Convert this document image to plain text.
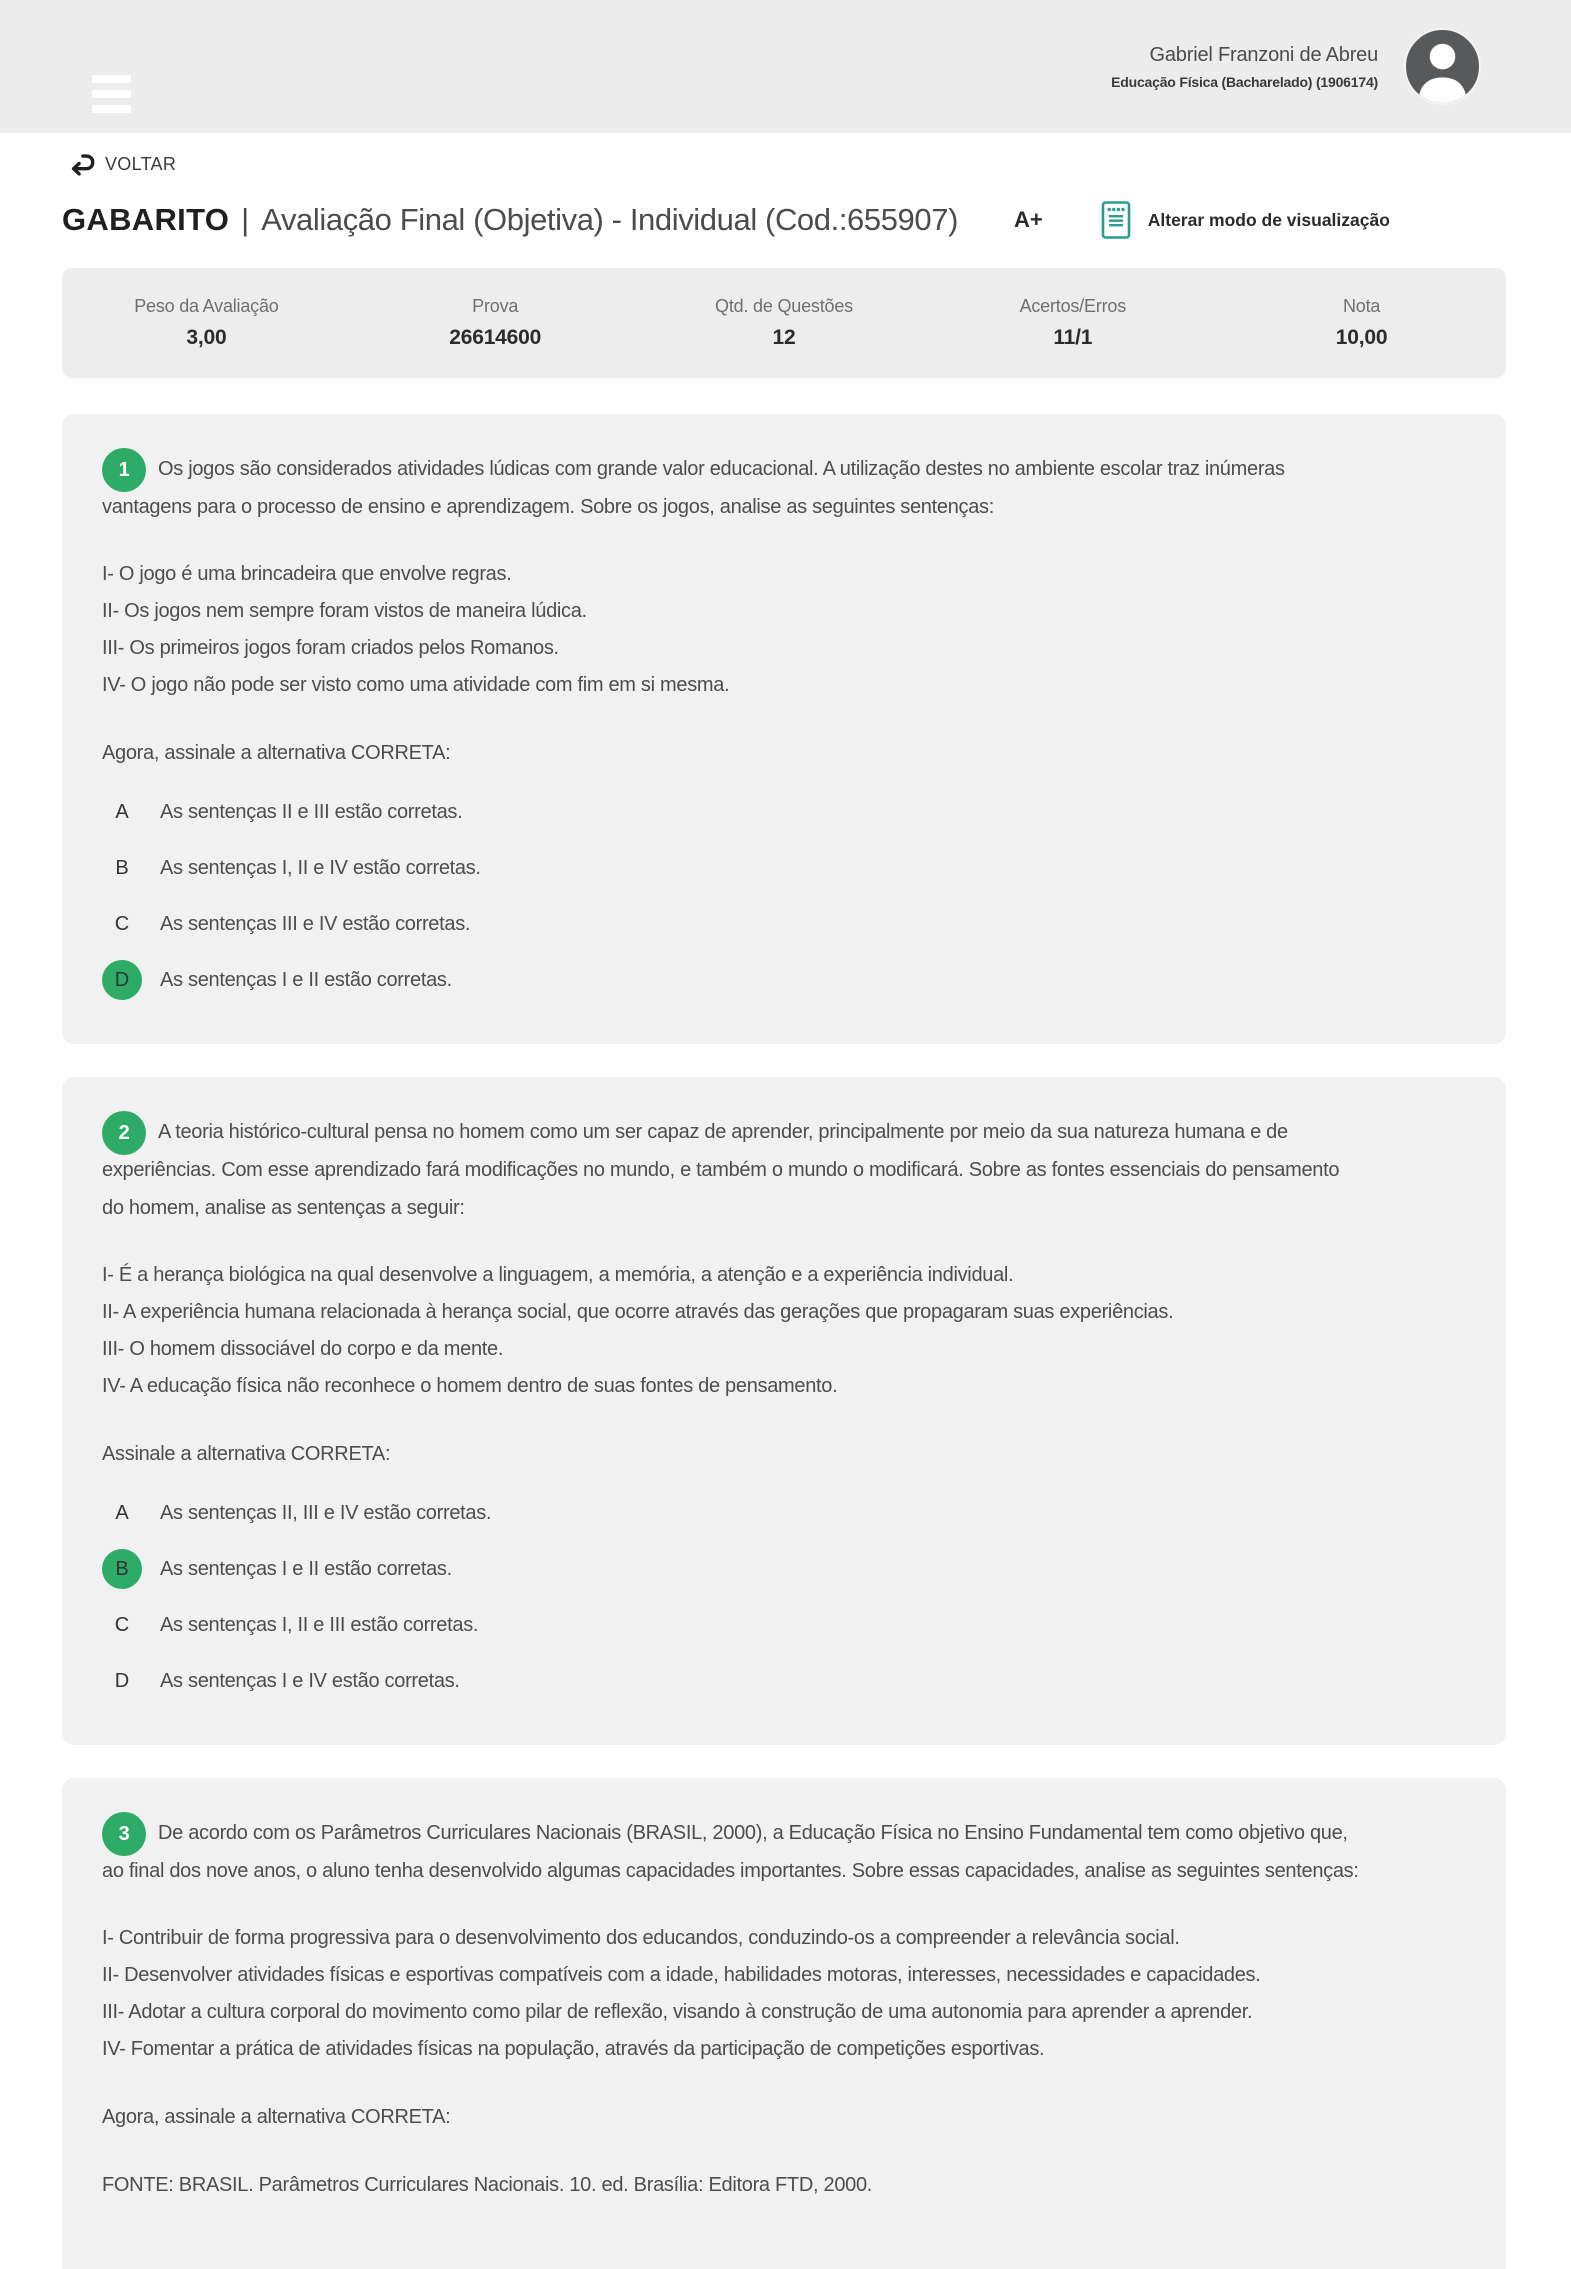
Gabriel Franzoni de Abreu
Educação Física (Bacharelado) (1906174)
VOLTAR
GABARITO | Avaliação Final (Objetiva) - Individual (Cod.:655907)	A+	Alterar modo de visualização
Peso da Avaliação
3,00
Prova
26614600
Qtd. de Questões
12
Acertos/Erros
11/1
Nota
10,00

1	Os jogos são considerados atividades lúdicas com grande valor educacional. A utilização destes no ambiente escolar traz inúmeras vantagens para o processo de ensino e aprendizagem. Sobre os jogos, analise as seguintes sentenças:

I- O jogo é uma brincadeira que envolve regras.
II- Os jogos nem sempre foram vistos de maneira lúdica.
III- Os primeiros jogos foram criados pelos Romanos.
IV- O jogo não pode ser visto como uma atividade com fim em si mesma.

Agora, assinale a alternativa CORRETA:

A	As sentenças II e III estão corretas.
B	As sentenças I, II e IV estão corretas.
C	As sentenças III e IV estão corretas.
D	As sentenças I e II estão corretas.

2	A teoria histórico-cultural pensa no homem como um ser capaz de aprender, principalmente por meio da sua natureza humana e de experiências. Com esse aprendizado fará modificações no mundo, e também o mundo o modificará. Sobre as fontes essenciais do pensamento do homem, analise as sentenças a seguir:

I- É a herança biológica na qual desenvolve a linguagem, a memória, a atenção e a experiência individual.
II- A experiência humana relacionada à herança social, que ocorre através das gerações que propagaram suas experiências.
III- O homem dissociável do corpo e da mente.
IV- A educação física não reconhece o homem dentro de suas fontes de pensamento.

Assinale a alternativa CORRETA:

A	As sentenças II, III e IV estão corretas.
B	As sentenças I e II estão corretas.
C	As sentenças I, II e III estão corretas.
D	As sentenças I e IV estão corretas.

3	De acordo com os Parâmetros Curriculares Nacionais (BRASIL, 2000), a Educação Física no Ensino Fundamental tem como objetivo que, ao final dos nove anos, o aluno tenha desenvolvido algumas capacidades importantes. Sobre essas capacidades, analise as seguintes sentenças:

I- Contribuir de forma progressiva para o desenvolvimento dos educandos, conduzindo-os a compreender a relevância social.
II- Desenvolver atividades físicas e esportivas compatíveis com a idade, habilidades motoras, interesses, necessidades e capacidades.
III- Adotar a cultura corporal do movimento como pilar de reflexão, visando à construção de uma autonomia para aprender a aprender.
IV- Fomentar a prática de atividades físicas na população, através da participação de competições esportivas.

Agora, assinale a alternativa CORRETA:

FONTE: BRASIL. Parâmetros Curriculares Nacionais. 10. ed. Brasília: Editora FTD, 2000.
